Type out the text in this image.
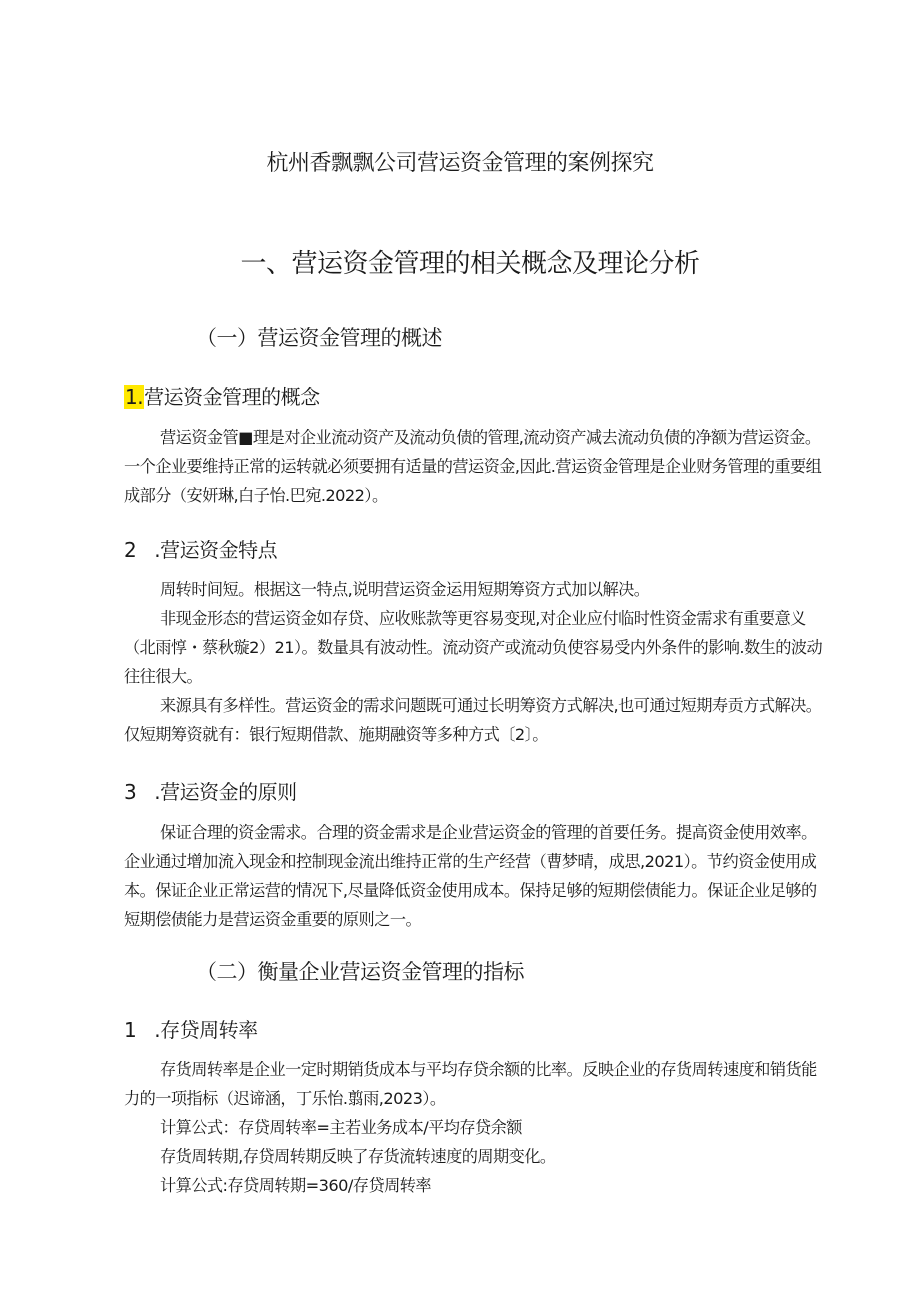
杭州香飘飘公司营运资金管理的案例探究
一、营运资金管理的相关概念及理论分析
（一）营运资金管理的概述
1.营运资金管理的概念

营运资金管■理是对企业流动资产及流动负债的管理,流动资产减去流动负债的净额为营运资金。一个企业要维持正常的运转就必须要拥有适量的营运资金,因此.营运资金管理是企业财务管理的重要组成部分（安妍琳,白子怡.巴宛.2022）。

2 .营运资金特点

周转时间短。根据这一特点,说明营运资金运用短期筹资方式加以解决。

非现金形态的营运资金如存贷、应收账款等更容易变现,对企业应付临时性资金需求有重要意义（北雨惇・蔡秋璇2）21）。数量具有波动性。流动资产或流动负使容易受内外条件的影响.数生的波动往往很大。

来源具有多样性。营运资金的需求问题既可通过长明筹资方式解决,也可通过短期寿贡方式解决。仅短期筹资就有：银行短期借款、施期融资等多种方式〔2〕。

3 .营运资金的原则

保证合理的资金需求。合理的资金需求是企业营运资金的管理的首要任务。提高资金使用效率。企业通过增加流入现金和控制现金流出维持正常的生产经营（曹梦晴，成思,2021）。节约资金使用成本。保证企业正常运营的情况下,尽量降低资金使用成本。保持足够的短期偿债能力。保证企业足够的短期偿债能力是营运资金重要的原则之一。

（二）衡量企业营运资金管理的指标
1 .存贷周转率

存货周转率是企业一定时期销货成本与平均存贷余额的比率。反映企业的存货周转速度和销货能力的一项指标（迟谛涵，丁乐怡.翦雨,2023）。

计算公式：存贷周转率=主若业务成本/平均存贷余额

存货周转期,存贷周转期反映了存货流转速度的周期变化。

计算公式:存贷周转期=360/存贷周转率
